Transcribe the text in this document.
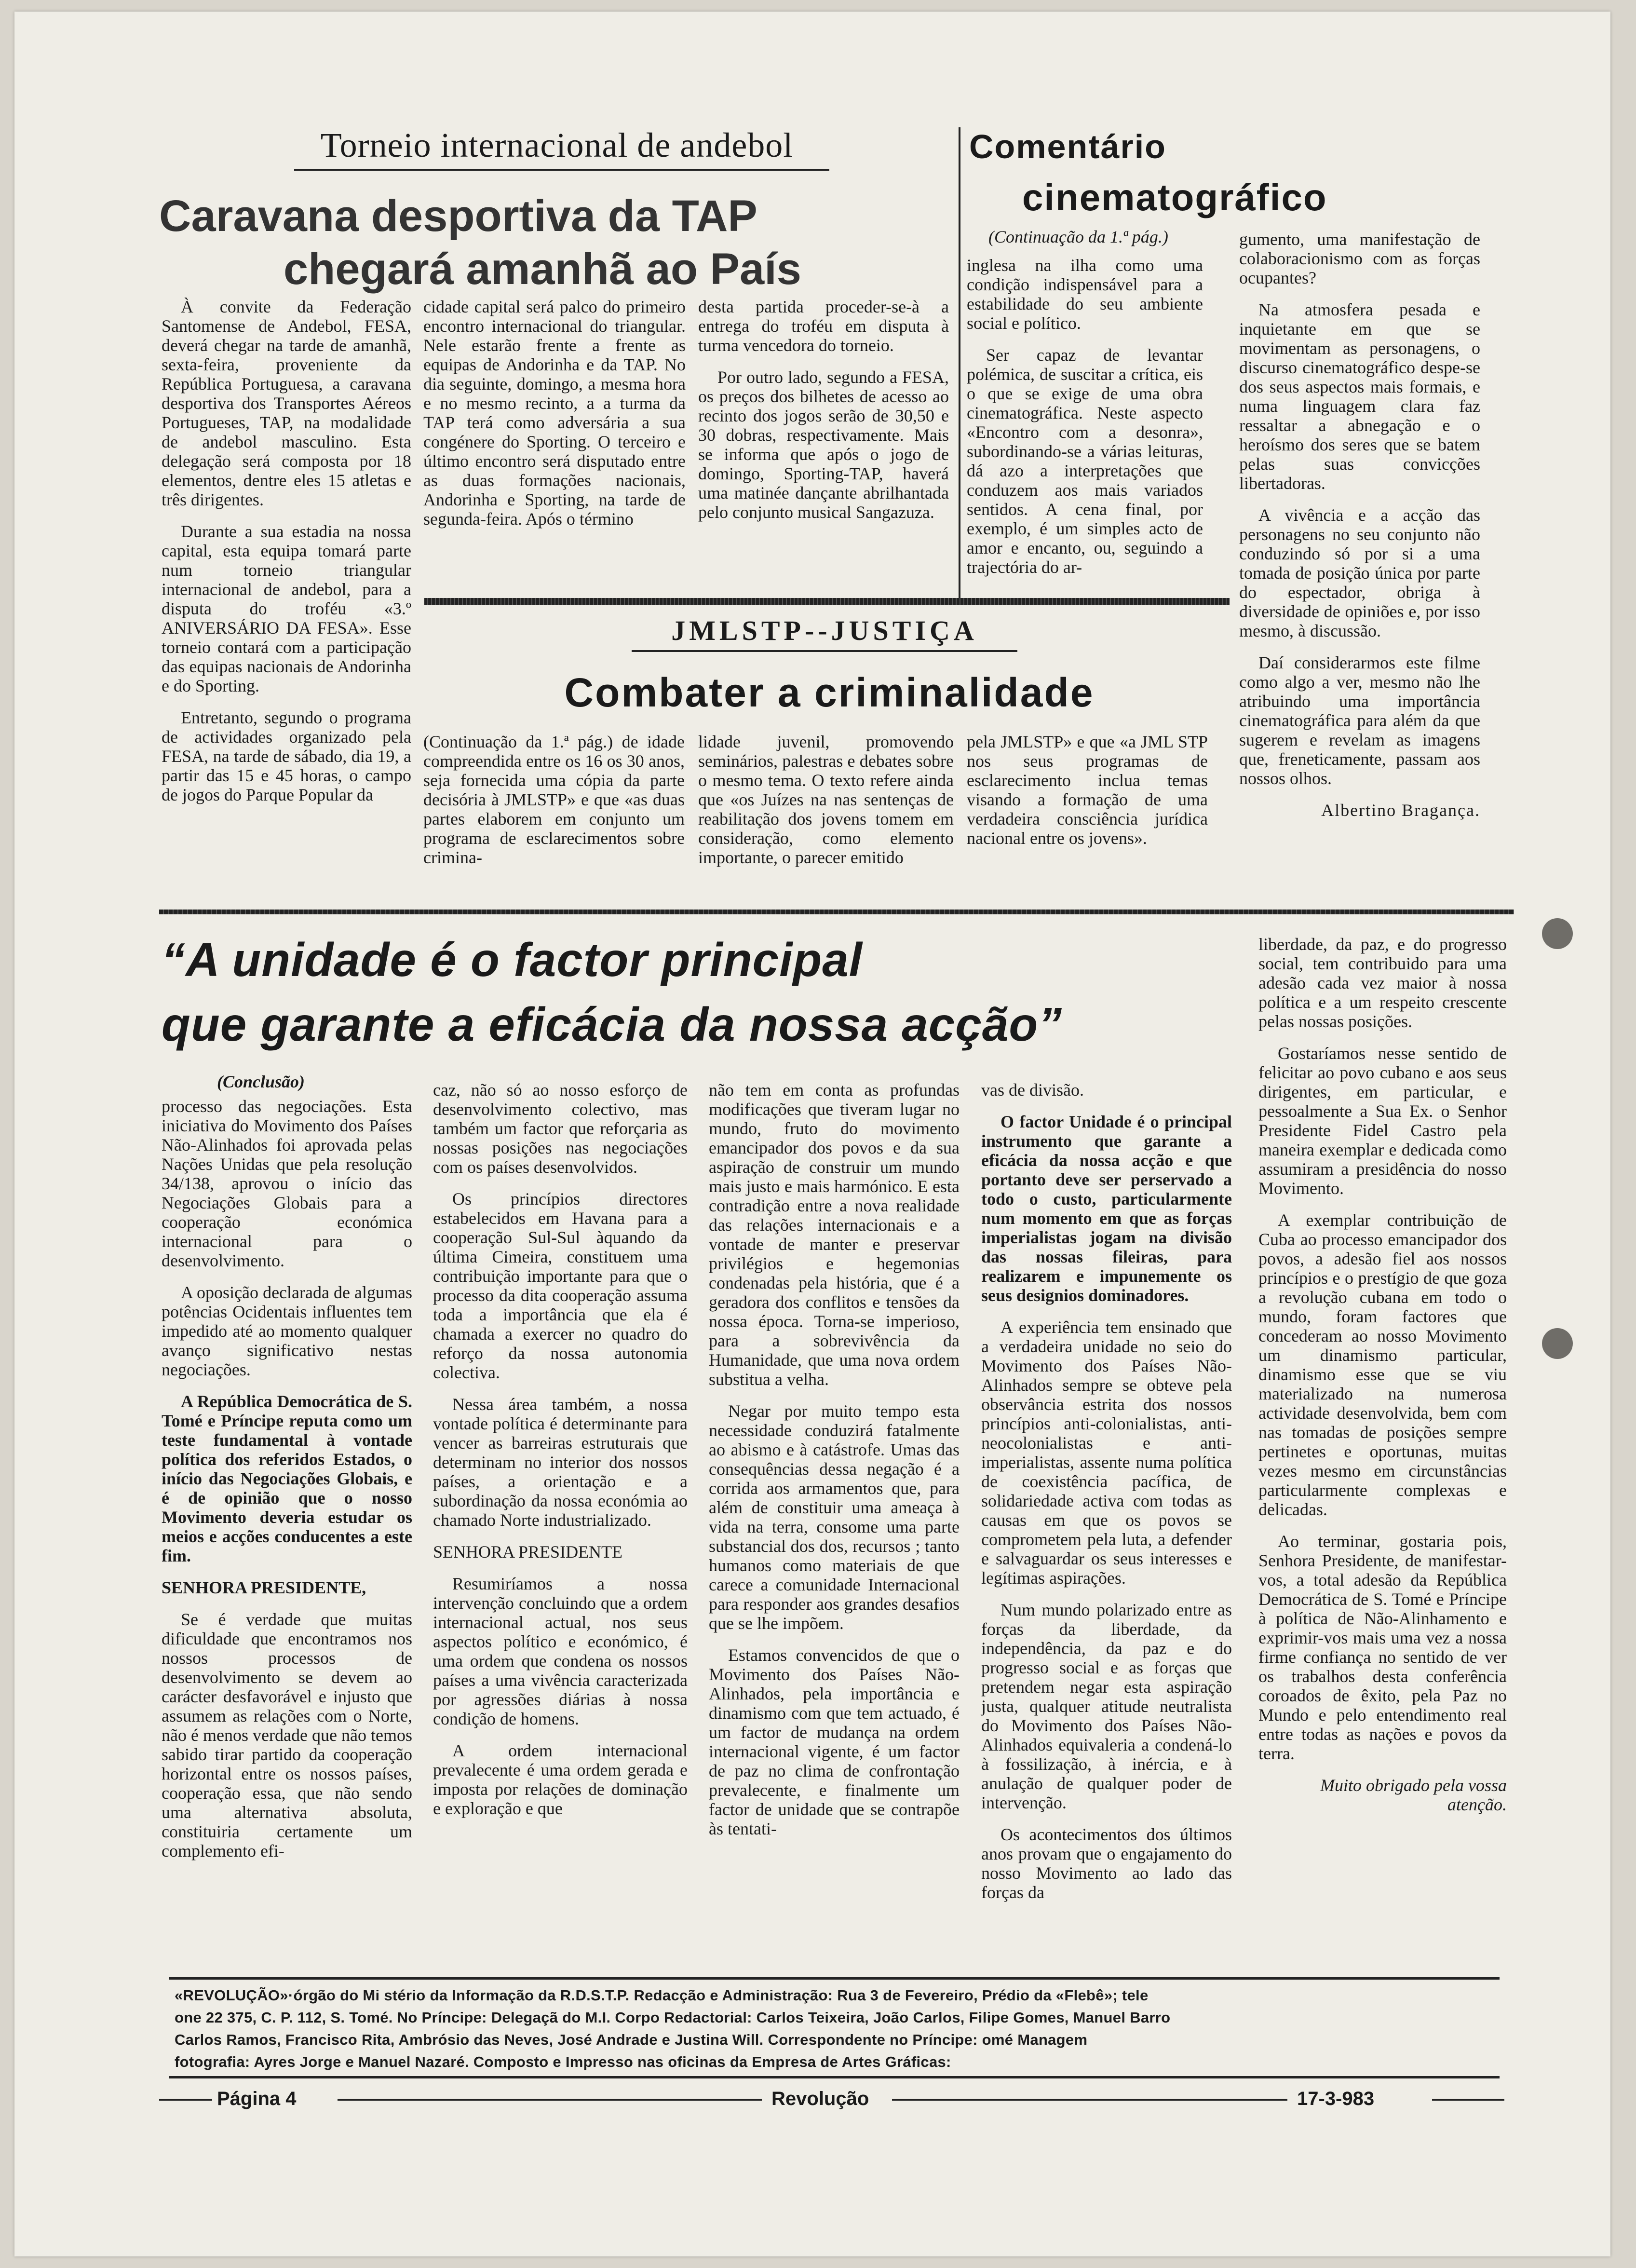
Torneio internacional de andebol
Caravana desportiva da TAP
chegará amanhã ao País

À convite da Federação Santomense de Andebol, FESA, deverá chegar na tarde de amanhã, sexta-feira, proveniente da República Portuguesa, a caravana desportiva dos Transportes Aéreos Portugueses, TAP, na modalidade de andebol masculino. Esta delegação será composta por 18 elementos, dentre eles 15 atletas e três dirigentes.

Durante a sua estadia na nossa capital, esta equipa tomará parte num torneio triangular internacional de andebol, para a disputa do troféu «3.º ANIVERSÁRIO DA FESA». Esse torneio contará com a participação das equipas nacionais de Andorinha e do Sporting.

Entretanto, segundo o programa de actividades organizado pela FESA, na tarde de sábado, dia 19, a partir das 15 e 45 horas, o campo de jogos do Parque Popular da

cidade capital será palco do primeiro encontro internacional do triangular. Nele estarão frente a frente as equipas de Andorinha e da TAP. No dia seguinte, domingo, a mesma hora e no mesmo recinto, a a turma da TAP terá como adversária a sua congénere do Sporting. O terceiro e último encontro será disputado entre as duas formações nacionais, Andorinha e Sporting, na tarde de segunda-feira. Após o término

desta partida proceder-se-à a entrega do troféu em disputa à turma vencedora do torneio.

Por outro lado, segundo a FESA, os preços dos bilhetes de acesso ao recinto dos jogos serão de 30,50 e 30 dobras, respectivamente. Mais se informa que após o jogo de domingo, Sporting-TAP, haverá uma matinée dançante abrilhantada pelo conjunto musical Sangazuza.

Comentário
cinematográfico
(Continuação da 1.ª pág.)

inglesa na ilha como uma condição indispensável para a estabilidade do seu ambiente social e político.

Ser capaz de levantar polémica, de suscitar a crítica, eis o que se exige de uma obra cinematográfica. Neste aspecto «Encontro com a desonra», subordinando-se a várias leituras, dá azo a interpretações que conduzem aos mais variados sentidos. A cena final, por exemplo, é um simples acto de amor e encanto, ou, seguindo a trajectória do ar-

gumento, uma manifestação de colaboracionismo com as forças ocupantes?

Na atmosfera pesada e inquietante em que se movimentam as personagens, o discurso cinematográfico despe-se dos seus aspectos mais formais, e numa linguagem clara faz ressaltar a abnegação e o heroísmo dos seres que se batem pelas suas convicções libertadoras.

A vivência e a acção das personagens no seu conjunto não conduzindo só por si a uma tomada de posição única por parte do espectador, obriga à diversidade de opiniões e, por isso mesmo, à discussão.

Daí considerarmos este filme como algo a ver, mesmo não lhe atribuindo uma importância cinematográfica para além da que sugerem e revelam as imagens que, freneticamente, passam aos nossos olhos.

Albertino Bragança.

JMLSTP--JUSTIÇA
Combater a criminalidade

(Continuação da 1.ª pág.) de idade compreendida entre os 16 os 30 anos, seja fornecida uma cópia da parte decisória à JMLSTP» e que «as duas partes elaborem em conjunto um programa de esclarecimentos sobre crimina-

lidade juvenil, promovendo seminários, palestras e debates sobre o mesmo tema. O texto refere ainda que «os Juízes na nas sentenças de reabilitação dos jovens tomem em consideração, como elemento importante, o parecer emitido

pela JMLSTP» e que «a JML STP nos seus programas de esclarecimento inclua temas visando a formação de uma verdadeira consciência jurídica nacional entre os jovens».

“A unidade é o factor principal
que garante a eficácia da nossa acção”
(Conclusão)

processo das negociações. Esta iniciativa do Movimento dos Países Não-Alinhados foi aprovada pelas Nações Unidas que pela resolução 34/138, aprovou o início das Negociações Globais para a cooperação económica internacional para o desenvolvimento.

A oposição declarada de algumas potências Ocidentais influentes tem impedido até ao momento qualquer avanço significativo nestas negociações.

A República Democrática de S. Tomé e Príncipe reputa como um teste fundamental à vontade política dos referidos Estados, o início das Negociações Globais, e é de opinião que o nosso Movimento deveria estudar os meios e acções conducentes a este fim.

SENHORA PRESIDENTE,

Se é verdade que muitas dificuldade que encontramos nos nossos processos de desenvolvimento se devem ao carácter desfavorável e injusto que assumem as relações com o Norte, não é menos verdade que não temos sabido tirar partido da cooperação horizontal entre os nossos países, cooperação essa, que não sendo uma alternativa absoluta, constituiria certamente um complemento efi-

caz, não só ao nosso esforço de desenvolvimento colectivo, mas também um factor que reforçaria as nossas posições nas negociações com os países desenvolvidos.

Os princípios directores estabelecidos em Havana para a cooperação Sul-Sul àquando da última Cimeira, constituem uma contribuição importante para que o processo da dita cooperação assuma toda a importância que ela é chamada a exercer no quadro do reforço da nossa autonomia colectiva.

Nessa área também, a nossa vontade política é determinante para vencer as barreiras estruturais que determinam no interior dos nossos países, a orientação e a subordinação da nossa económia ao chamado Norte industrializado.

SENHORA PRESIDENTE

Resumiríamos a nossa intervenção concluindo que a ordem internacional actual, nos seus aspectos político e económico, é uma ordem que condena os nossos países a uma vivência caracterizada por agressões diárias à nossa condição de homens.

A ordem internacional prevalecente é uma ordem gerada e imposta por relações de dominação e exploração e que

não tem em conta as profundas modificações que tiveram lugar no mundo, fruto do movimento emancipador dos povos e da sua aspiração de construir um mundo mais justo e mais harmónico. E esta contradição entre a nova realidade das relações internacionais e a vontade de manter e preservar privilégios e hegemonias condenadas pela história, que é a geradora dos conflitos e tensões da nossa época. Torna-se imperioso, para a sobrevivência da Humanidade, que uma nova ordem substitua a velha.

Negar por muito tempo esta necessidade conduzirá fatalmente ao abismo e à catástrofe. Umas das consequências dessa negação é a corrida aos armamentos que, para além de constituir uma ameaça à vida na terra, consome uma parte substancial dos dos, recursos ; tanto humanos como materiais de que carece a comunidade Internacional para responder aos grandes desafios que se lhe impõem.

Estamos convencidos de que o Movimento dos Países Não-Alinhados, pela importância e dinamismo com que tem actuado, é um factor de mudança na ordem internacional vigente, é um factor de paz no clima de confrontação prevalecente, e finalmente um factor de unidade que se contrapõe às tentati-

vas de divisão.

O factor Unidade é o principal instrumento que garante a eficácia da nossa acção e que portanto deve ser perservado a todo o custo, particularmente num momento em que as forças imperialistas jogam na divisão das nossas fileiras, para realizarem e impunemente os seus designios dominadores.

A experiência tem ensinado que a verdadeira unidade no seio do Movimento dos Países Não-Alinhados sempre se obteve pela observância estrita dos nossos princípios anti-colonialistas, anti-neocolonialistas e anti-imperialistas, assente numa política de coexistência pacífica, de solidariedade activa com todas as causas em que os povos se comprometem pela luta, a defender e salvaguardar os seus interesses e legítimas aspirações.

Num mundo polarizado entre as forças da liberdade, da independência, da paz e do progresso social e as forças que pretendem negar esta aspiração justa, qualquer atitude neutralista do Movimento dos Países Não-Alinhados equivaleria a condená-lo à fossilização, à inércia, e à anulação de qualquer poder de intervenção.

Os acontecimentos dos últimos anos provam que o engajamento do nosso Movimento ao lado das forças da

liberdade, da paz, e do progresso social, tem contribuido para uma adesão cada vez maior à nossa política e a um respeito crescente pelas nossas posições.

Gostaríamos nesse sentido de felicitar ao povo cubano e aos seus dirigentes, em particular, e pessoalmente a Sua Ex. o Senhor Presidente Fidel Castro pela maneira exemplar e dedicada como assumiram a presidência do nosso Movimento.

A exemplar contribuição de Cuba ao processo emancipador dos povos, a adesão fiel aos nossos princípios e o prestígio de que goza a revolução cubana em todo o mundo, foram factores que concederam ao nosso Movimento um dinamismo particular, dinamismo esse que se viu materializado na numerosa actividade desenvolvida, bem com nas tomadas de posições sempre pertinetes e oportunas, muitas vezes mesmo em circunstâncias particularmente complexas e delicadas.

Ao terminar, gostaria pois, Senhora Presidente, de manifestar-vos, a total adesão da República Democrática de S. Tomé e Príncipe à política de Não-Alinhamento e exprimir-vos mais uma vez a nossa firme confiança no sentido de ver os trabalhos desta conferência coroados de êxito, pela Paz no Mundo e pelo entendimento real entre todas as nações e povos da terra.

Muito obrigado pela vossa atenção.

«REVOLUÇÃO»·órgão do Mi stério da Informação da R.D.S.T.P. Redacção e Administração: Rua 3 de Fevereiro, Prédio da «Flebê»; tele
one 22 375, C. P. 112, S. Tomé. No Príncipe: Delegaçã do M.I. Corpo Redactorial: Carlos Teixeira, João Carlos, Filipe Gomes, Manuel Barro
Carlos Ramos, Francisco Rita, Ambrósio das Neves, José Andrade e Justina Will. Correspondente no Príncipe: omé Managem
fotografia: Ayres Jorge e Manuel Nazaré. Composto e Impresso nas oficinas da Empresa de Artes Gráficas:
Página 4	Revolução	17-3-983
